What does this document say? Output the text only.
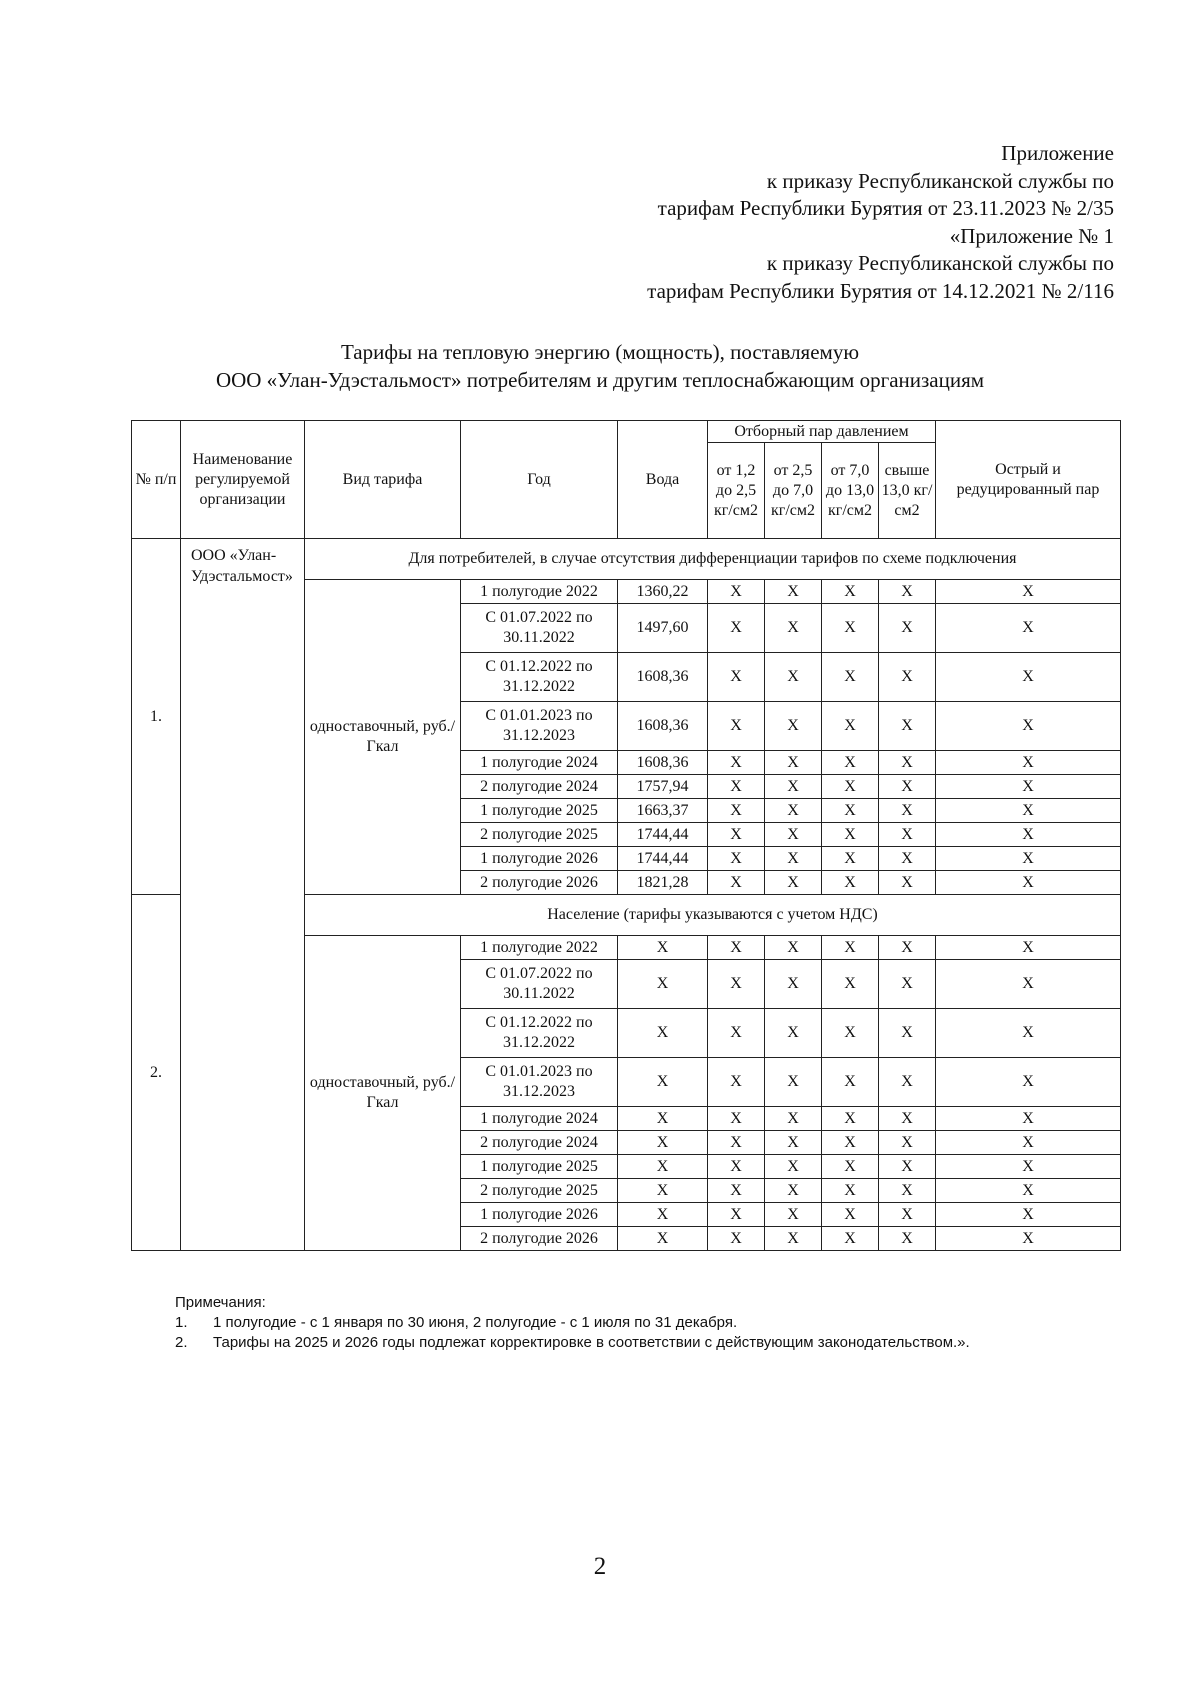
Приложение
к приказу Республиканской службы по
тарифам Республики Бурятия от 23.11.2023 № 2/35
«Приложение № 1
к приказу Республиканской службы по
тарифам Республики Бурятия от 14.12.2021 № 2/116
Тарифы на тепловую энергию (мощность), поставляемую
ООО «Улан-Удэстальмост» потребителям и другим теплоснабжающим организациям
№ п/п	Наименование регулируемой организации	Вид тарифа	Год	Вода	Отборный пар давлением				Острый и редуцированный пар
					от 1,2 до 2,5 кг/см2	от 2,5 до 7,0 кг/см2	от 7,0 до 13,0 кг/см2	свыше 13,0 кг/см2	
1.	ООО «Улан-Удэстальмост»	Для потребителей, в случае отсутствия дифференциации тарифов по схеме подключения							
		одноставочный, руб./Гкал	1 полугодие 2022	1360,22	X	X	X	X	X
			С 01.07.2022 по 30.11.2022	1497,60	X	X	X	X	X
			С 01.12.2022 по 31.12.2022	1608,36	X	X	X	X	X
			С 01.01.2023 по 31.12.2023	1608,36	X	X	X	X	X
			1 полугодие 2024	1608,36	X	X	X	X	X
			2 полугодие 2024	1757,94	X	X	X	X	X
			1 полугодие 2025	1663,37	X	X	X	X	X
			2 полугодие 2025	1744,44	X	X	X	X	X
			1 полугодие 2026	1744,44	X	X	X	X	X
			2 полугодие 2026	1821,28	X	X	X	X	X
2.		Население (тарифы указываются с учетом НДС)							
		одноставочный, руб./Гкал	1 полугодие 2022	X	X	X	X	X	X
			С 01.07.2022 по 30.11.2022	X	X	X	X	X	X
			С 01.12.2022 по 31.12.2022	X	X	X	X	X	X
			С 01.01.2023 по 31.12.2023	X	X	X	X	X	X
			1 полугодие 2024	X	X	X	X	X	X
			2 полугодие 2024	X	X	X	X	X	X
			1 полугодие 2025	X	X	X	X	X	X
			2 полугодие 2025	X	X	X	X	X	X
			1 полугодие 2026	X	X	X	X	X	X
			2 полугодие 2026	X	X	X	X	X	X
Примечания:
1.	1 полугодие - с 1 января по 30 июня, 2 полугодие - с 1 июля по 31 декабря.
2.	Тарифы на 2025 и 2026 годы подлежат корректировке в соответствии с действующим законодательством.».
2
